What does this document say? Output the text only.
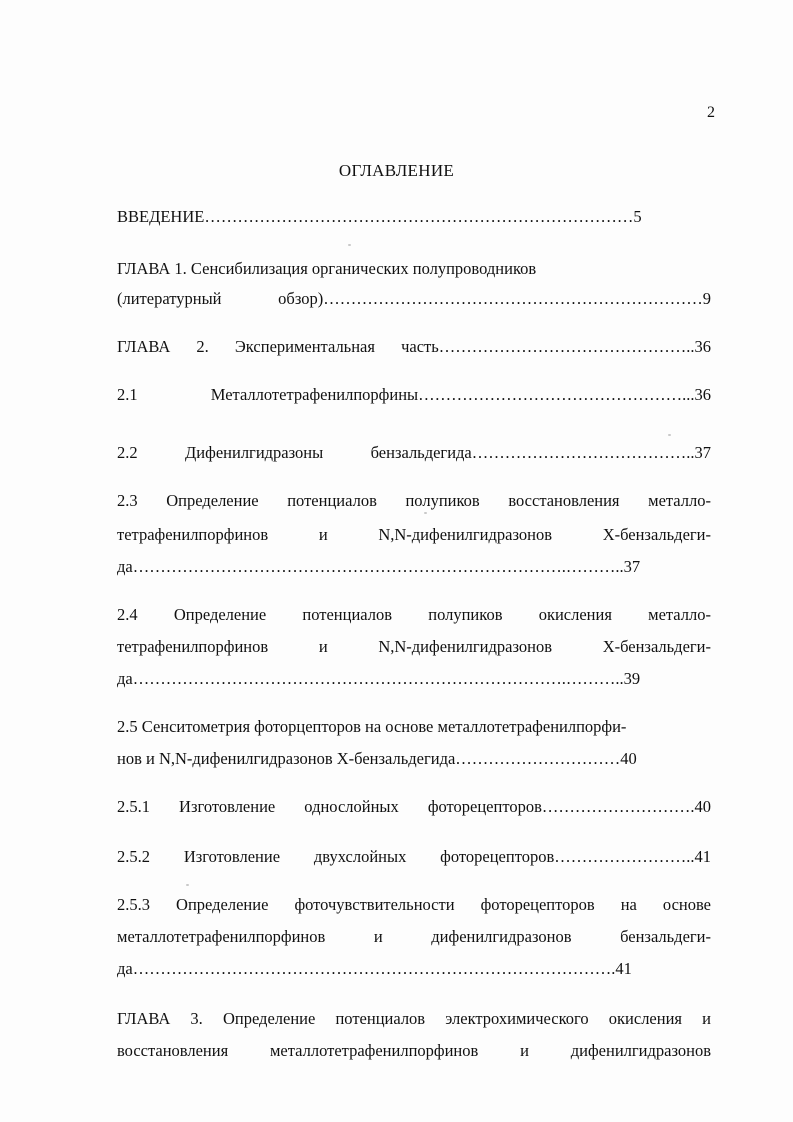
2
ОГЛАВЛЕНИЕ
ВВЕДЕНИЕ……………………………………………………………………5
ГЛАВА 1. Сенсибилизация органических полупроводников
(литературный обзор)……………………………………………………………9
ГЛАВА 2. Экспериментальная часть………………………………………..36
2.1 Металлотетрафенилпорфины…………………………………………...36
2.2 Дифенилгидразоны бензальдегида…………………………………..37
2.3 Определение потенциалов полупиков восстановления металло-
тетрафенилпорфинов и N,N-дифенилгидразонов X-бензальдеги-
да…………………………………………………………………….………..37
2.4 Определение потенциалов полупиков окисления металло-
тетрафенилпорфинов и N,N-дифенилгидразонов X-бензальдеги-
да…………………………………………………………………….………..39
2.5 Сенситометрия фоторцепторов на основе металлотетрафенилпорфи-
нов и N,N-дифенилгидразонов X-бензальдегида…………………………40
2.5.1 Изготовление однослойных фоторецепторов……………………….40
2.5.2 Изготовление двухслойных фоторецепторов……………………..41
2.5.3 Определение фоточувствительности фоторецепторов на основе
металлотетрафенилпорфинов и дифенилгидразонов бензальдеги-
да…………………………………………………………………………….41
ГЛАВА 3. Определение потенциалов электрохимического окисления и
восстановления металлотетрафенилпорфинов и дифенилгидразонов
